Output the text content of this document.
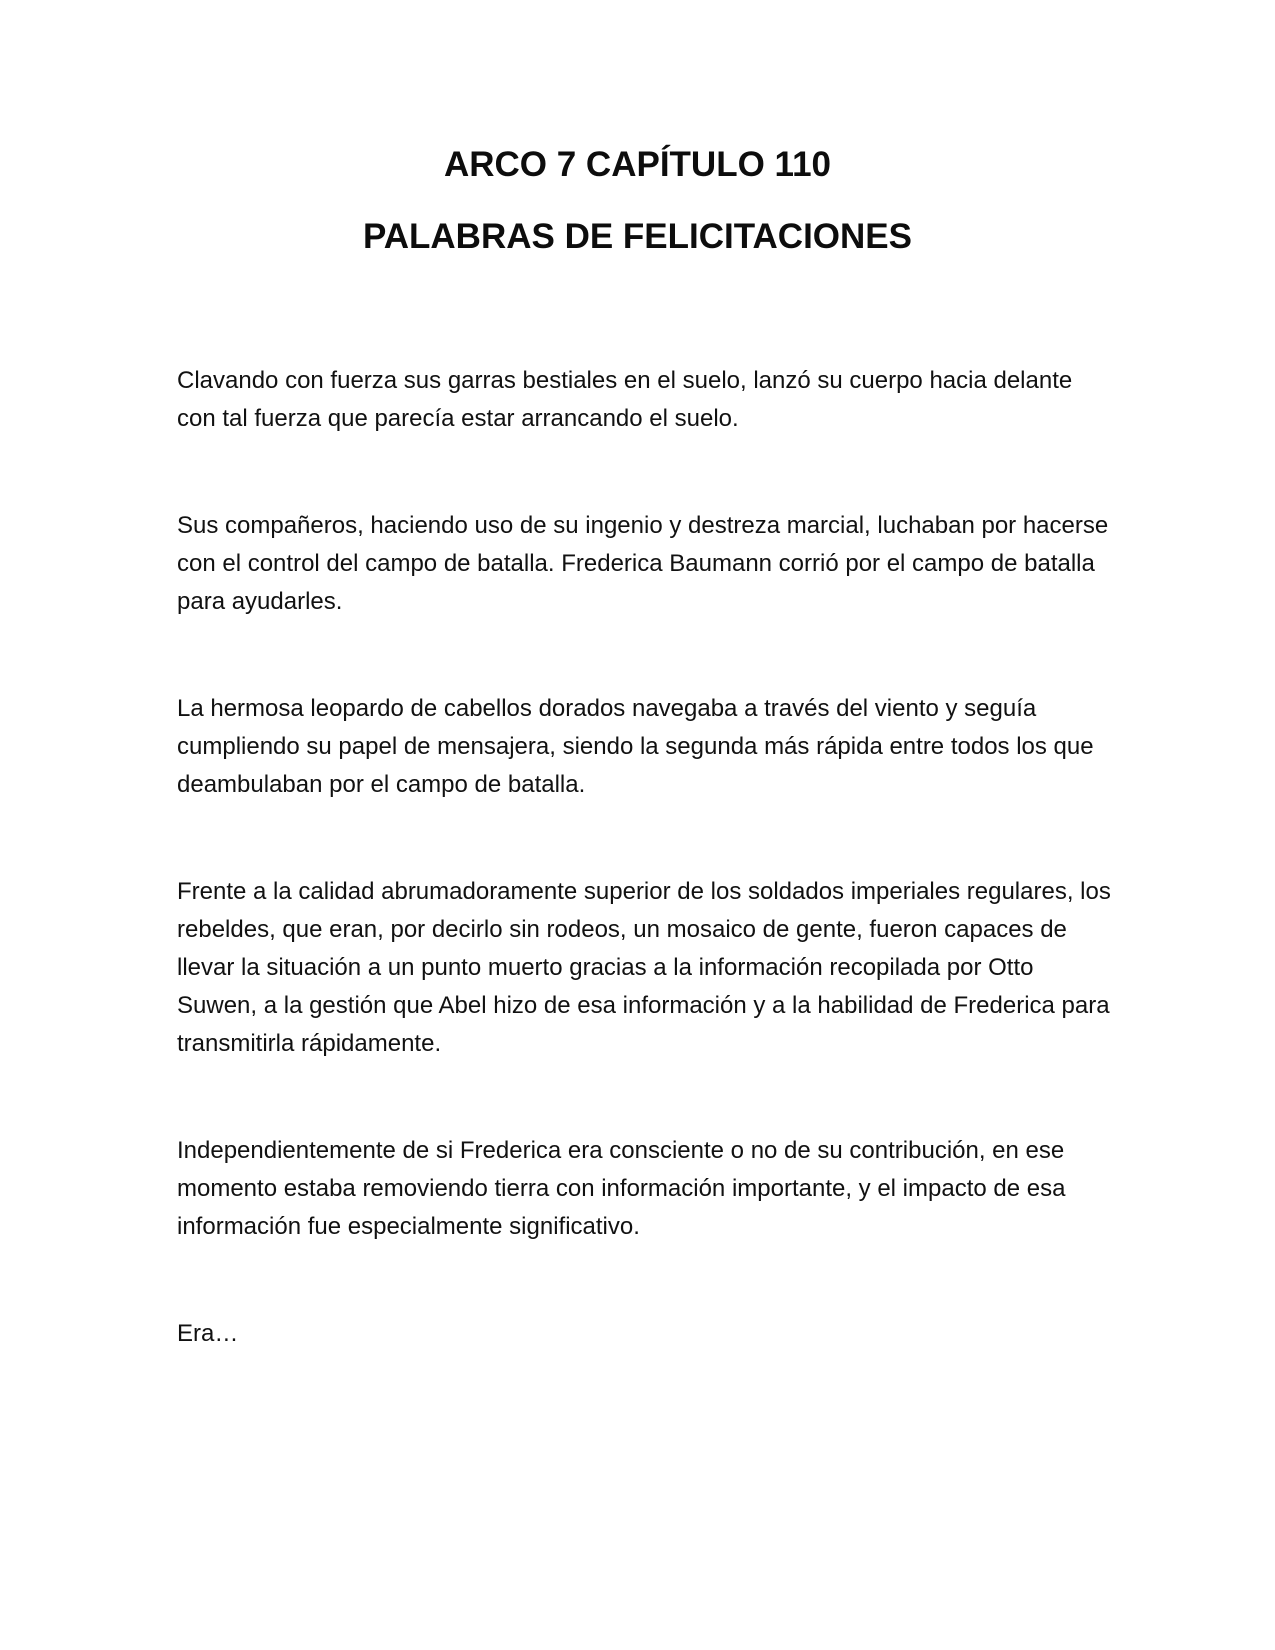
ARCO 7 CAPÍTULO 110
PALABRAS DE FELICITACIONES

Clavando con fuerza sus garras bestiales en el suelo, lanzó su cuerpo hacia delante con tal fuerza que parecía estar arrancando el suelo.

Sus compañeros, haciendo uso de su ingenio y destreza marcial, luchaban por hacerse con el control del campo de batalla. Frederica Baumann corrió por el campo de batalla para ayudarles.

La hermosa leopardo de cabellos dorados navegaba a través del viento y seguía cumpliendo su papel de mensajera, siendo la segunda más rápida entre todos los que deambulaban por el campo de batalla.

Frente a la calidad abrumadoramente superior de los soldados imperiales regulares, los rebeldes, que eran, por decirlo sin rodeos, un mosaico de gente, fueron capaces de llevar la situación a un punto muerto gracias a la información recopilada por Otto Suwen, a la gestión que Abel hizo de esa información y a la habilidad de Frederica para transmitirla rápidamente.

Independientemente de si Frederica era consciente o no de su contribución, en ese momento estaba removiendo tierra con información importante, y el impacto de esa información fue especialmente significativo.

Era…
